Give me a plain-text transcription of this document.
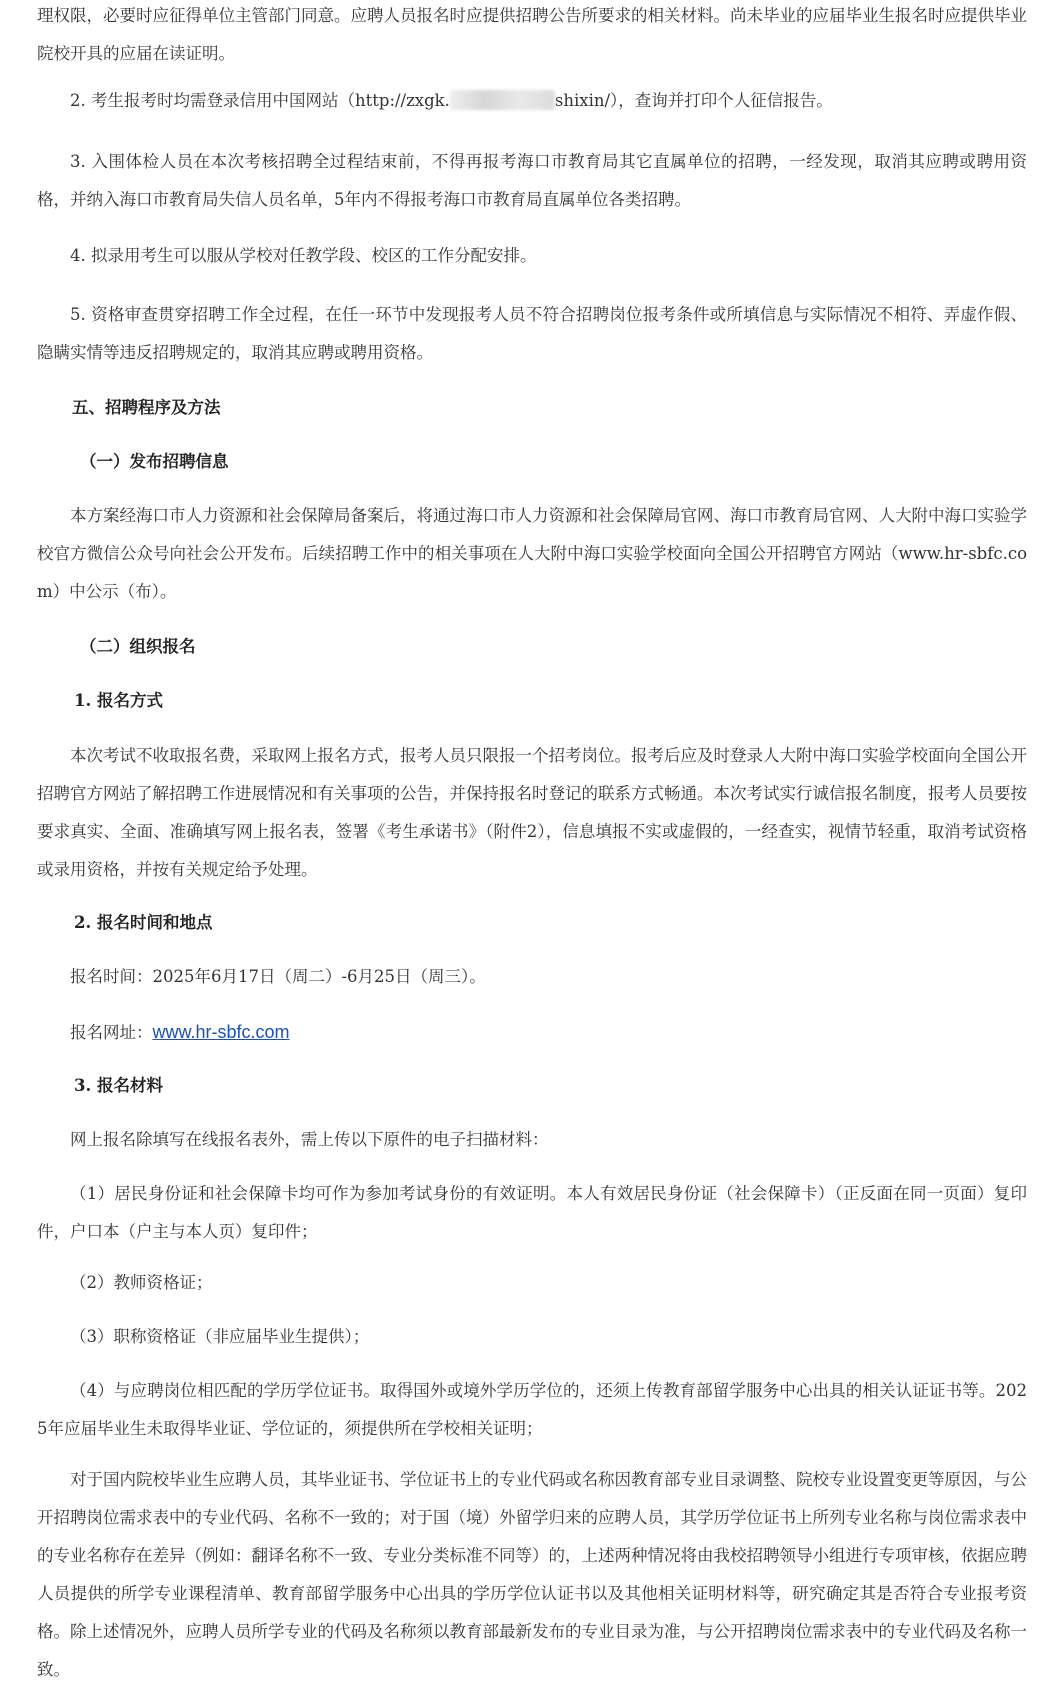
理权限，必要时应征得单位主管部门同意。应聘人员报名时应提供招聘公告所要求的相关材料。尚未毕业的应届毕业生报名时应提供毕业院校开具的应届在读证明。

2. 考生报考时均需登录信用中国网站（http://zxgk.	shixin/），查询并打印个人征信报告。

3. 入围体检人员在本次考核招聘全过程结束前，不得再报考海口市教育局其它直属单位的招聘，一经发现，取消其应聘或聘用资格，并纳入海口市教育局失信人员名单，5年内不得报考海口市教育局直属单位各类招聘。

4. 拟录用考生可以服从学校对任教学段、校区的工作分配安排。

5. 资格审查贯穿招聘工作全过程，在任一环节中发现报考人员不符合招聘岗位报考条件或所填信息与实际情况不相符、弄虚作假、隐瞒实情等违反招聘规定的，取消其应聘或聘用资格。

五、招聘程序及方法

（一）发布招聘信息

本方案经海口市人力资源和社会保障局备案后，将通过海口市人力资源和社会保障局官网、海口市教育局官网、人大附中海口实验学校官方微信公众号向社会公开发布。后续招聘工作中的相关事项在人大附中海口实验学校面向全国公开招聘官方网站（www.hr-sbfc.com）中公示（布）。

（二）组织报名

1. 报名方式

本次考试不收取报名费，采取网上报名方式，报考人员只限报一个招考岗位。报考后应及时登录人大附中海口实验学校面向全国公开招聘官方网站了解招聘工作进展情况和有关事项的公告，并保持报名时登记的联系方式畅通。本次考试实行诚信报名制度，报考人员要按要求真实、全面、准确填写网上报名表，签署《考生承诺书》（附件2），信息填报不实或虚假的，一经查实，视情节轻重，取消考试资格或录用资格，并按有关规定给予处理。

2. 报名时间和地点

报名时间：2025年6月17日（周二）-6月25日（周三）。

报名网址：www.hr-sbfc.com

3. 报名材料

网上报名除填写在线报名表外，需上传以下原件的电子扫描材料：

（1）居民身份证和社会保障卡均可作为参加考试身份的有效证明。本人有效居民身份证（社会保障卡）（正反面在同一页面）复印件，户口本（户主与本人页）复印件；

（2）教师资格证；

（3）职称资格证（非应届毕业生提供）；

（4）与应聘岗位相匹配的学历学位证书。取得国外或境外学历学位的，还须上传教育部留学服务中心出具的相关认证证书等。2025年应届毕业生未取得毕业证、学位证的，须提供所在学校相关证明；

对于国内院校毕业生应聘人员，其毕业证书、学位证书上的专业代码或名称因教育部专业目录调整、院校专业设置变更等原因，与公开招聘岗位需求表中的专业代码、名称不一致的；对于国（境）外留学归来的应聘人员，其学历学位证书上所列专业名称与岗位需求表中的专业名称存在差异（例如：翻译名称不一致、专业分类标准不同等）的，上述两种情况将由我校招聘领导小组进行专项审核，依据应聘人员提供的所学专业课程清单、教育部留学服务中心出具的学历学位认证书以及其他相关证明材料等，研究确定其是否符合专业报考资格。除上述情况外，应聘人员所学专业的代码及名称须以教育部最新发布的专业目录为准，与公开招聘岗位需求表中的专业代码及名称一致。
